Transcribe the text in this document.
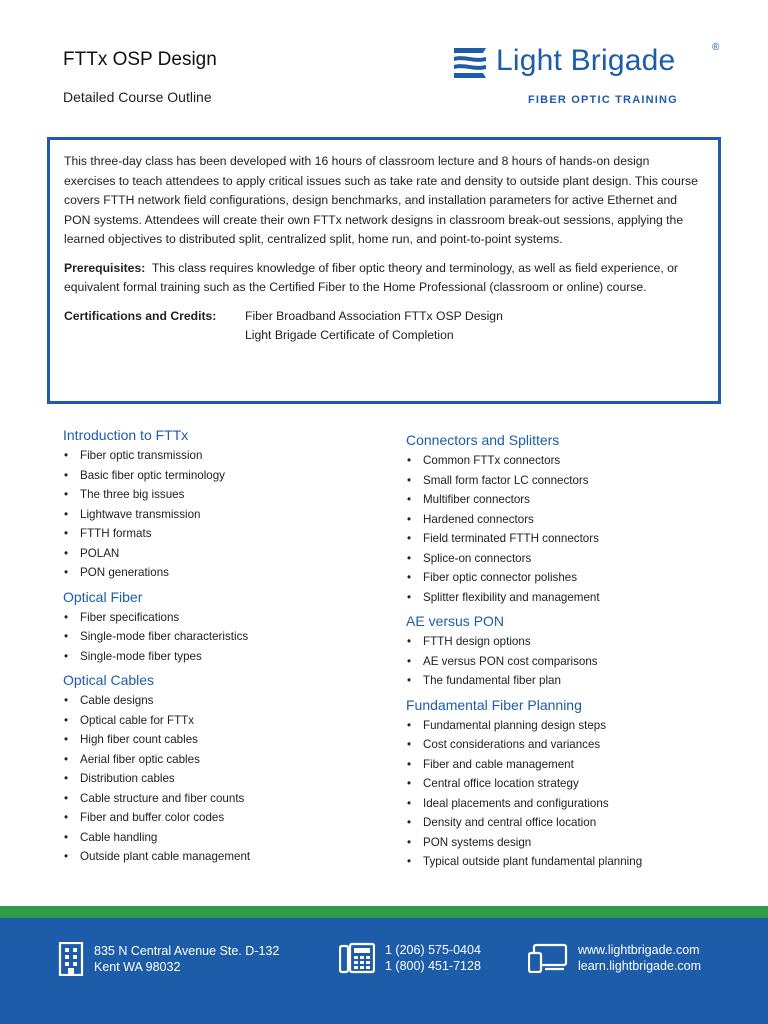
FTTx OSP Design
Detailed Course Outline
Light Brigade	®
FIBER OPTIC TRAINING

This three-day class has been developed with 16 hours of classroom lecture and 8 hours of hands-on design exercises to teach attendees to apply critical issues such as take rate and density to outside plant design. This course covers FTTH network field configurations, design benchmarks, and installation parameters for active Ethernet and PON systems. Attendees will create their own FTTx network designs in classroom break-out sessions, applying the learned objectives to distributed split, centralized split, home run, and point-to-point systems.

Prerequisites: This class requires knowledge of fiber optic theory and terminology, as well as field experience, or equivalent formal training such as the Certified Fiber to the Home Professional (classroom or online) course.

Certifications and Credits:	Fiber Broadband Association FTTx OSP Design
Light Brigade Certificate of Completion
Introduction to FTTx
• Fiber optic transmission
• Basic fiber optic terminology
• The three big issues
• Lightwave transmission
• FTTH formats
• POLAN
• PON generations
Optical Fiber
• Fiber specifications
• Single-mode fiber characteristics
• Single-mode fiber types
Optical Cables
• Cable designs
• Optical cable for FTTx
• High fiber count cables
• Aerial fiber optic cables
• Distribution cables
• Cable structure and fiber counts
• Fiber and buffer color codes
• Cable handling
• Outside plant cable management
Connectors and Splitters
• Common FTTx connectors
• Small form factor LC connectors
• Multifiber connectors
• Hardened connectors
• Field terminated FTTH connectors
• Splice-on connectors
• Fiber optic connector polishes
• Splitter flexibility and management
AE versus PON
• FTTH design options
• AE versus PON cost comparisons
• The fundamental fiber plan
Fundamental Fiber Planning
• Fundamental planning design steps
• Cost considerations and variances
• Fiber and cable management
• Central office location strategy
• Ideal placements and configurations
• Density and central office location
• PON systems design
• Typical outside plant fundamental planning
835 N Central Avenue Ste. D-132
Kent WA 98032
1 (206) 575-0404
1 (800) 451-7128
www.lightbrigade.com
learn.lightbrigade.com
